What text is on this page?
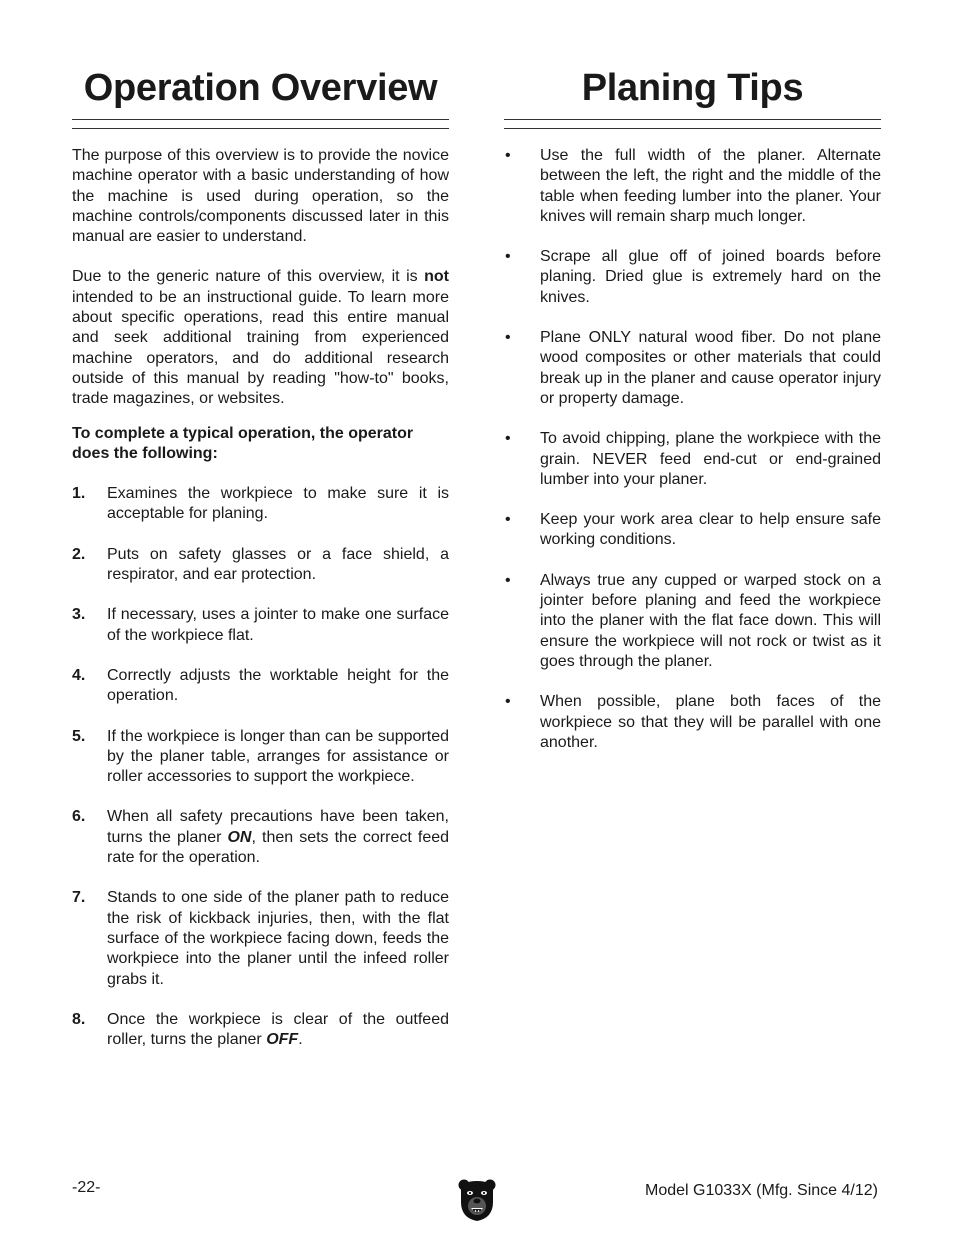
Operation Overview

The purpose of this overview is to provide the novice machine operator with a basic understanding of how the machine is used during operation, so the machine controls/components discussed later in this manual are easier to understand.

Due to the generic nature of this overview, it is not intended to be an instructional guide. To learn more about specific operations, read this entire manual and seek additional training from experienced machine operators, and do additional research outside of this manual by reading "how-to" books, trade magazines, or websites.

To complete a typical operation, the operator does the following:

1.	Examines the workpiece to make sure it is acceptable for planing.
2.	Puts on safety glasses or a face shield, a respirator, and ear protection.
3.	If necessary, uses a jointer to make one surface of the workpiece flat.
4.	Correctly adjusts the worktable height for the operation.
5.	If the workpiece is longer than can be supported by the planer table, arranges for assistance or roller accessories to support the workpiece.
6.	When all safety precautions have been taken, turns the planer ON, then sets the correct feed rate for the operation.
7.	Stands to one side of the planer path to reduce the risk of kickback injuries, then, with the flat surface of the workpiece facing down, feeds the workpiece into the planer until the infeed roller grabs it.
8.	Once the workpiece is clear of the outfeed roller, turns the planer OFF.
Planing Tips
•	Use the full width of the planer. Alternate between the left, the right and the middle of the table when feeding lumber into the planer. Your knives will remain sharp much longer.
•	Scrape all glue off of joined boards before planing. Dried glue is extremely hard on the knives.
•	Plane ONLY natural wood fiber. Do not plane wood composites or other materials that could break up in the planer and cause operator injury or property damage.
•	To avoid chipping, plane the workpiece with the grain. NEVER feed end-cut or end-grained lumber into your planer.
•	Keep your work area clear to help ensure safe working conditions.
•	Always true any cupped or warped stock on a jointer before planing and feed the workpiece into the planer with the flat face down. This will ensure the workpiece will not rock or twist as it goes through the planer.
•	When possible, plane both faces of the workpiece so that they will be parallel with one another.
-22-	Model G1033X (Mfg. Since 4/12)
